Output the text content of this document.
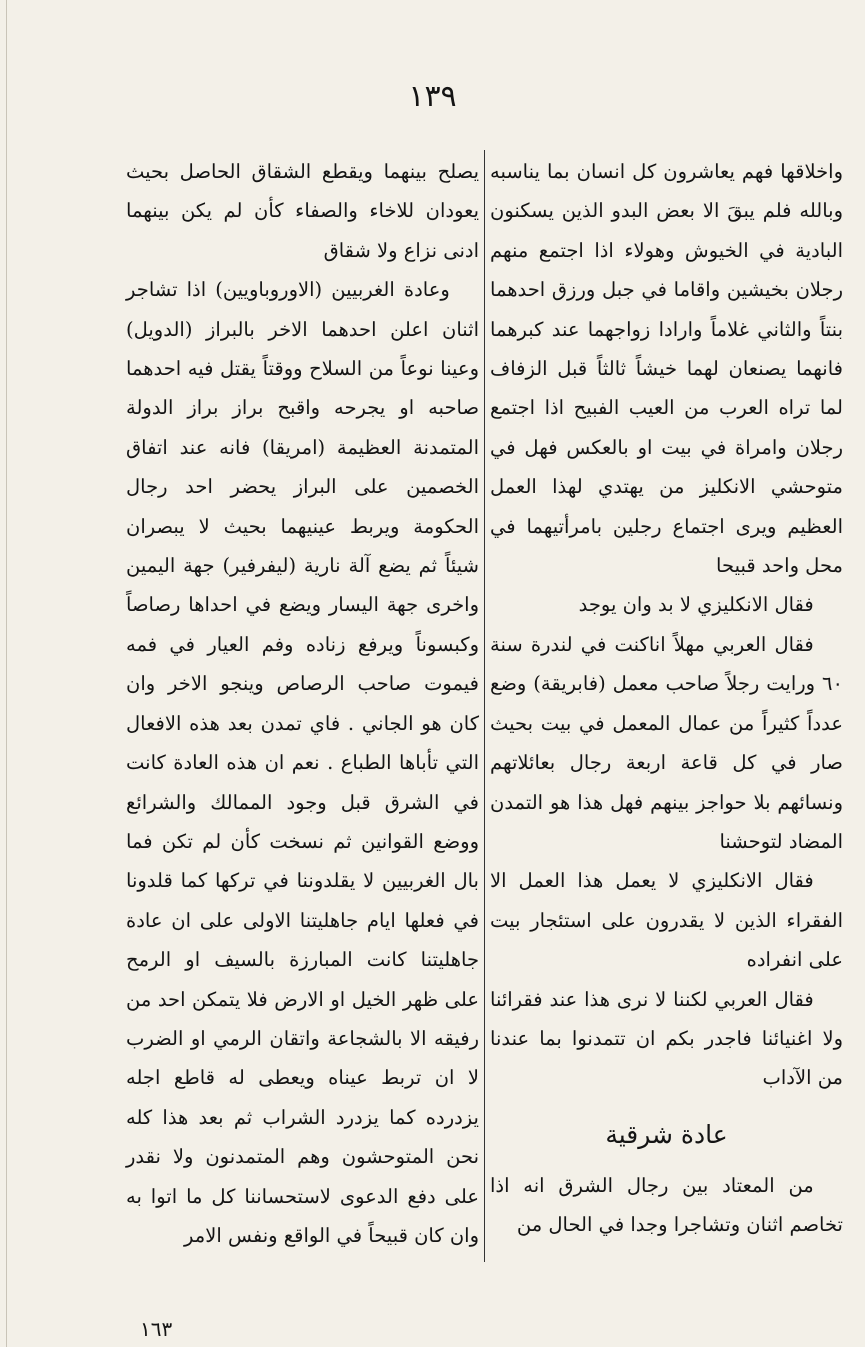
١٣٩

واخلاقها فهم يعاشرون كل انسان بما يناسبه وبالله فلم يبقَ الا بعض البدو الذين يسكنون البادية في الخيوش وهولاء اذا اجتمع منهم رجلان بخيشين واقاما في جبل ورزق احدهما بنتاً والثاني غلاماً وارادا زواجهما عند كبرهما فانهما يصنعان لهما خيشاً ثالثاً قبل الزفاف لما تراه العرب من العيب الفبيح اذا اجتمع رجلان وامراة في بيت او بالعكس فهل في متوحشي الانكليز من يهتدي لهذا العمل العظيم ويرى اجتماع رجلين بامرأتيهما في محل واحد قبيحا

فقال الانكليزي لا بد وان يوجد

فقال العربي مهلاً اناكنت في لندرة سنة ٦٠ ورايت رجلاً صاحب معمل (فابريقة) وضع عدداً كثيراً من عمال المعمل في بيت بحيث صار في كل قاعة اربعة رجال بعائلاتهم ونسائهم بلا حواجز بينهم فهل هذا هو التمدن المضاد لتوحشنا

فقال الانكليزي لا يعمل هذا العمل الا الفقراء الذين لا يقدرون على استئجار بيت على انفراده

فقال العربي لكننا لا نرى هذا عند فقرائنا ولا اغنيائنا فاجدر بكم ان تتمدنوا بما عندنا من الآداب

عادة شرقية

من المعتاد بين رجال الشرق انه اذا تخاصم اثنان وتشاجرا وجدا في الحال من

يصلح بينهما ويقطع الشقاق الحاصل بحيث يعودان للاخاء والصفاء كأن لم يكن بينهما ادنى نزاع ولا شقاق

وعادة الغربيين (الاوروباويين) اذا تشاجر اثنان اعلن احدهما الاخر بالبراز (الدويل) وعينا نوعاً من السلاح ووقتاً يقتل فيه احدهما صاحبه او يجرحه واقبح براز براز الدولة المتمدنة العظيمة (امريقا) فانه عند اتفاق الخصمين على البراز يحضر احد رجال الحكومة ويربط عينيهما بحيث لا يبصران شيئاً ثم يضع آلة نارية (ليفرفير) جهة اليمين واخرى جهة اليسار ويضع في احداها رصاصاً وكبسوناً ويرفع زناده وفم العيار في فمه فيموت صاحب الرصاص وينجو الاخر وان كان هو الجاني . فاي تمدن بعد هذه الافعال التي تأباها الطباع . نعم ان هذه العادة كانت في الشرق قبل وجود الممالك والشرائع ووضع القوانين ثم نسخت كأن لم تكن فما بال الغربيين لا يقلدوننا في تركها كما قلدونا في فعلها ايام جاهليتنا الاولى على ان عادة جاهليتنا كانت المبارزة بالسيف او الرمح على ظهر الخيل او الارض فلا يتمكن احد من رفيقه الا بالشجاعة واتقان الرمي او الضرب لا ان تربط عيناه ويعطى له قاطع اجله يزدرده كما يزدرد الشراب ثم بعد هذا كله نحن المتوحشون وهم المتمدنون ولا نقدر على دفع الدعوى لاستحساننا كل ما اتوا به وان كان قبيحاً في الواقع ونفس الامر

١٦٣
